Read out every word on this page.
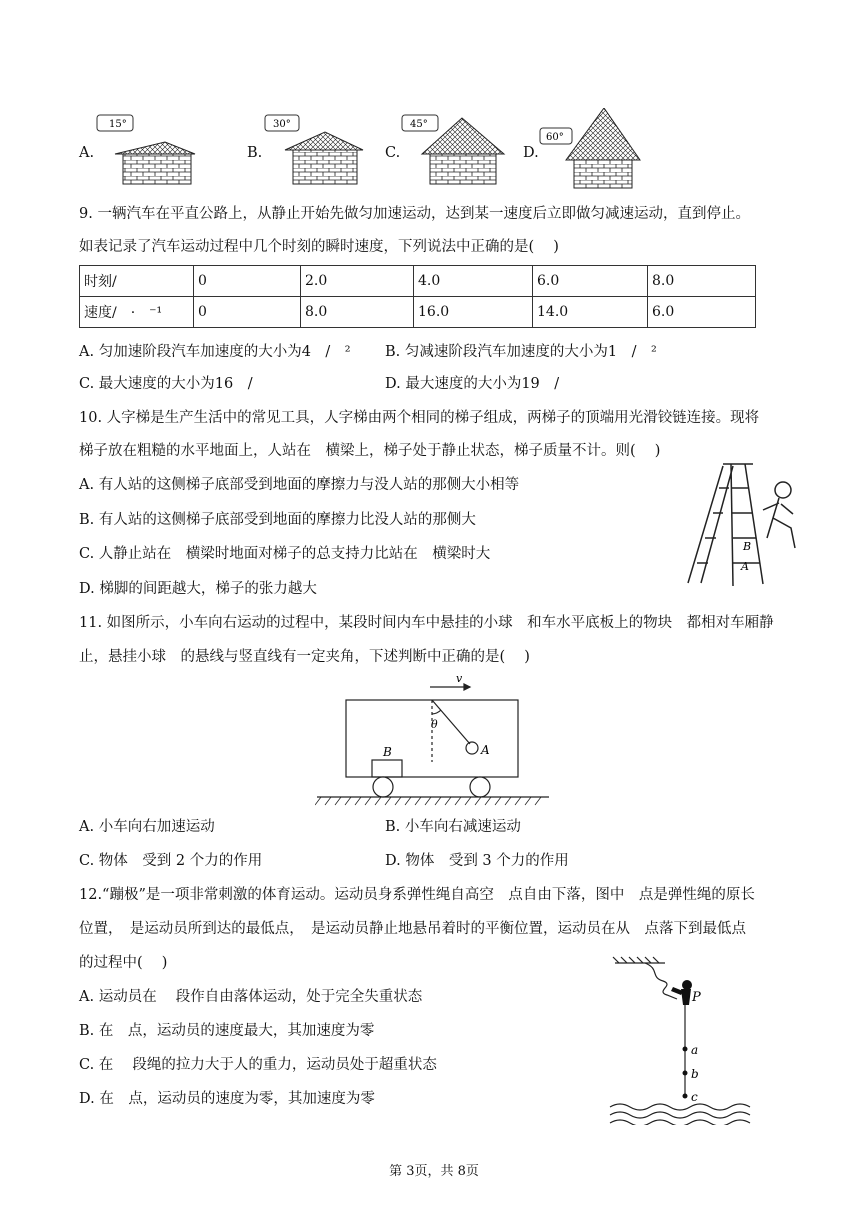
A.
15°
B.
30°
C.
45°
D.
60°
9. 一辆汽车在平直公路上，从静止开始先做匀加速运动，达到某一速度后立即做匀减速运动，直到停止。
如表记录了汽车运动过程中几个时刻的瞬时速度，下列说法中正确的是(　 )
时刻/	0	2.0	4.0	6.0	8.0
速度/　·　⁻¹	0	8.0	16.0	14.0	6.0
A. 匀加速阶段汽车加速度的大小为4　/　² B. 匀减速阶段汽车加速度的大小为1　/　²
C. 最大速度的大小为16　/	D. 最大速度的大小为19　/
10. 人字梯是生产生活中的常见工具，人字梯由两个相同的梯子组成，两梯子的顶端用光滑铰链连接。现将
梯子放在粗糙的水平地面上，人站在　横梁上，梯子处于静止状态，梯子质量不计。则(　 )
A. 有人站的这侧梯子底部受到地面的摩擦力与没人站的那侧大小相等
B. 有人站的这侧梯子底部受到地面的摩擦力比没人站的那侧大
C. 人静止站在　横梁时地面对梯子的总支持力比站在　横梁时大
D. 梯脚的间距越大，梯子的张力越大
B
A
11. 如图所示，小车向右运动的过程中，某段时间内车中悬挂的小球　和车水平底板上的物块　都相对车厢静
止，悬挂小球　的悬线与竖直线有一定夹角，下述判断中正确的是(　 )
v
θ
A
B
A. 小车向右加速运动	B. 小车向右减速运动
C. 物体　受到 2 个力的作用	D. 物体　受到 3 个力的作用
12.“蹦极”是一项非常刺激的体育运动。运动员身系弹性绳自高空　点自由下落，图中　点是弹性绳的原长
位置，　是运动员所到达的最低点，　是运动员静止地悬吊着时的平衡位置，运动员在从　点落下到最低点
的过程中(　 )
A. 运动员在　 段作自由落体运动，处于完全失重状态
B. 在　点，运动员的速度最大，其加速度为零
C. 在　 段绳的拉力大于人的重力，运动员处于超重状态
D. 在　点，运动员的速度为零，其加速度为零
P
a
b
c
第 3页，共 8页
